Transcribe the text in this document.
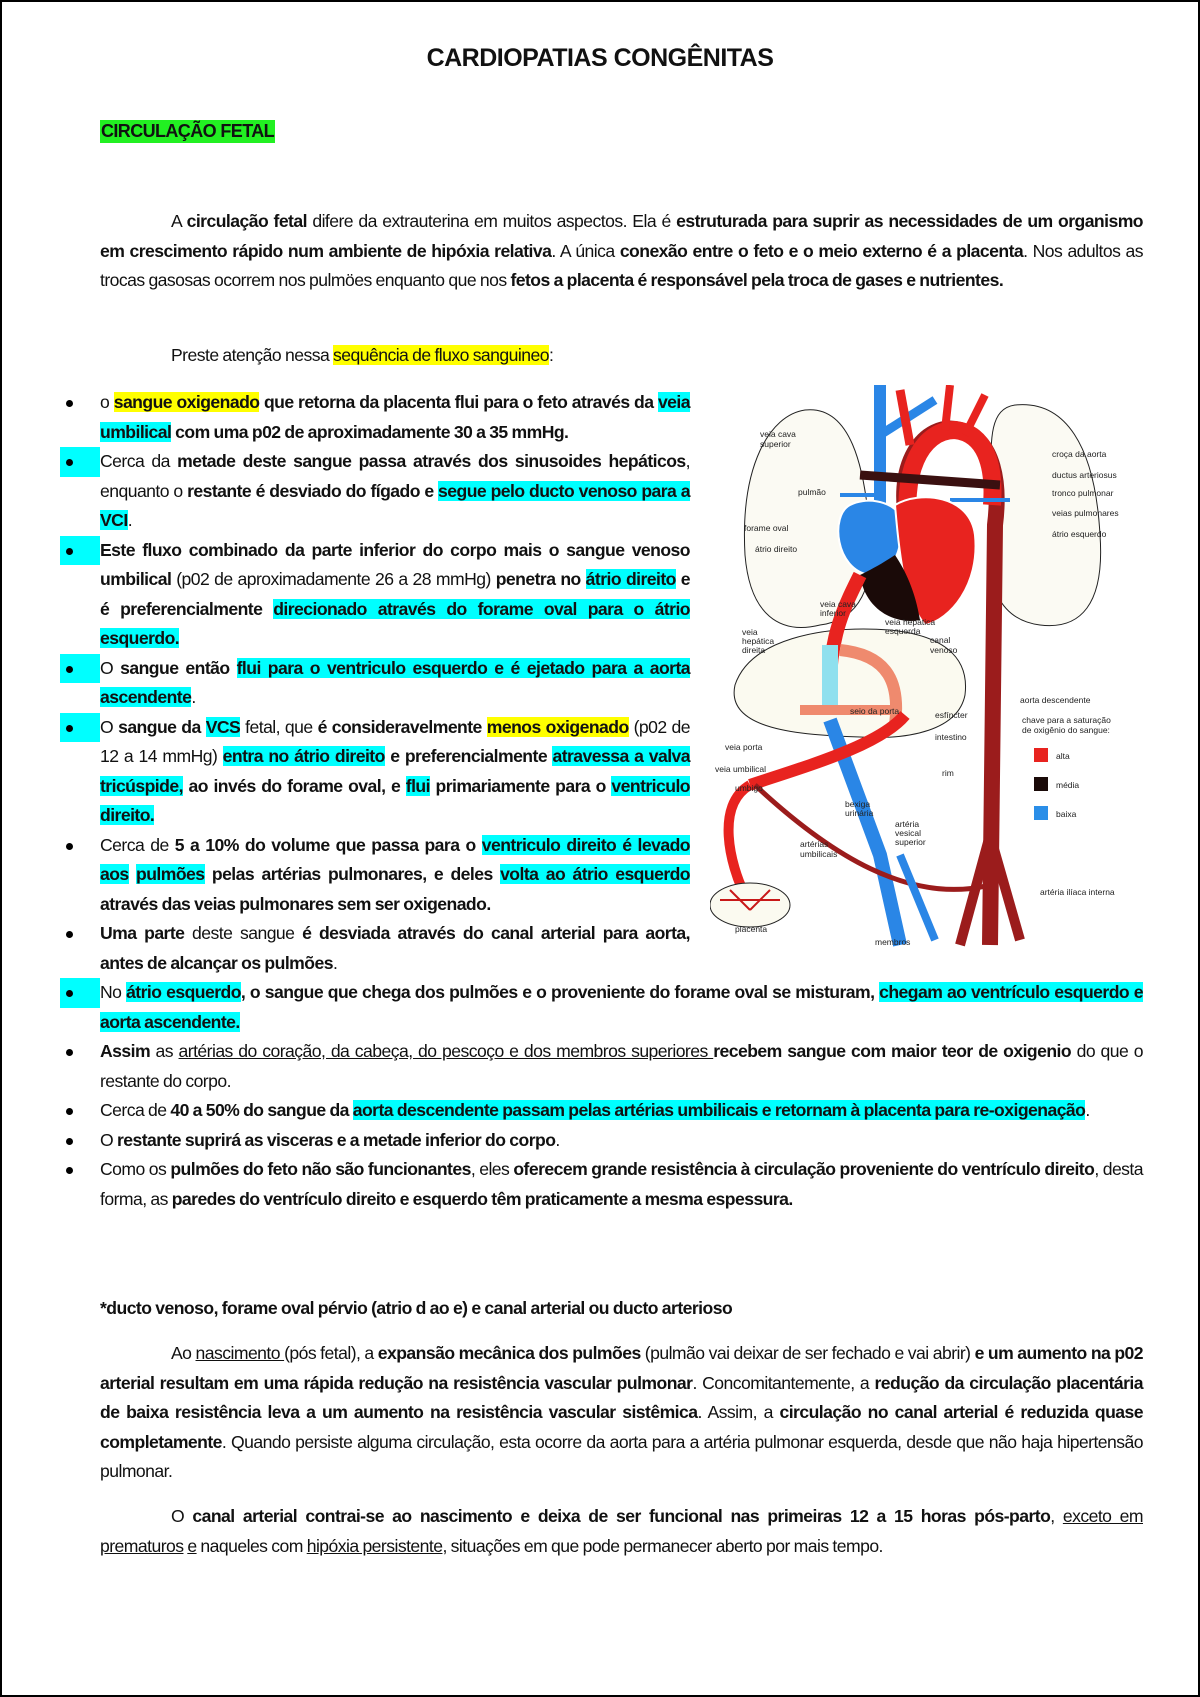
CARDIOPATIAS CONGÊNITAS
CIRCULAÇÃO FETAL
A circulação fetal difere da extrauterina em muitos aspectos. Ela é estruturada para suprir as necessidades de um organismo em crescimento rápido num ambiente de hipóxia relativa. A única conexão entre o feto e o meio externo é a placenta. Nos adultos as trocas gasosas ocorrem nos pulmöes enquanto que nos fetos a placenta é responsável pela troca de gases e nutrientes.
Preste atenção nessa sequência de fluxo sanguineo:
o sangue oxigenado que retorna da placenta flui para o feto através da veia umbilical com uma p02 de aproximadamente 30 a 35 mmHg.
Cerca da metade deste sangue passa através dos sinusoides hepáticos, enquanto o restante é desviado do fígado e segue pelo ducto venoso para a VCI.
Este fluxo combinado da parte inferior do corpo mais o sangue venoso umbilical (p02 de aproximadamente 26 a 28 mmHg) penetra no átrio direito e é preferencialmente direcionado através do forame oval para o átrio esquerdo.
O sangue então flui para o ventriculo esquerdo e é ejetado para a aorta ascendente.
O sangue da VCS fetal, que é consideravelmente menos oxigenado (p02 de 12 a 14 mmHg) entra no átrio direito e preferencialmente atravessa a valva tricúspide, ao invés do forame oval, e flui primariamente para o ventriculo direito.
Cerca de 5 a 10% do volume que passa para o ventriculo direito é levado aos pulmões pelas artérias pulmonares, e deles volta ao átrio esquerdo através das veias pulmonares sem ser oxigenado.
Uma parte deste sangue é desviada através do canal arterial para aorta, antes de alcançar os pulmões.
No átrio esquerdo, o sangue que chega dos pulmões e o proveniente do forame oval se misturam, chegam ao ventrículo esquerdo e aorta ascendente.
Assim as artérias do coração, da cabeça, do pescoço e dos membros superiores recebem sangue com maior teor de oxigenio do que o restante do corpo.
Cerca de 40 a 50% do sangue da aorta descendente passam pelas artérias umbilicais e retornam à placenta para re-oxigenação.
O restante suprirá as visceras e a metade inferior do corpo.
Como os pulmões do feto não são funcionantes, eles oferecem grande resistência à circulação proveniente do ventrículo direito, desta forma, as paredes do ventrículo direito e esquerdo têm praticamente a mesma espessura.
*ducto venoso, forame oval pérvio (atrio d ao e) e canal arterial ou ducto arterioso
Ao nascimento (pós fetal), a expansão mecânica dos pulmões (pulmão vai deixar de ser fechado e vai abrir) e um aumento na p02 arterial resultam em uma rápida redução na resistência vascular pulmonar. Concomitantemente, a redução da circulação placentária de baixa resistência leva a um aumento na resistência vascular sistêmica. Assim, a circulação no canal arterial é reduzida quase completamente. Quando persiste alguma circulação, esta ocorre da aorta para a artéria pulmonar esquerda, desde que não haja hipertensão pulmonar.
O canal arterial contrai-se ao nascimento e deixa de ser funcional nas primeiras 12 a 15 horas pós-parto, exceto em prematuros e naqueles com hipóxia persistente, situações em que pode permanecer aberto por mais tempo.
veia cava
superior
pulmão
forame oval
átrio direito
croça da aorta
ductus arteriosus
tronco pulmonar
veias pulmonares
átrio esquerdo
veia cava
inferior
veia hepática
esquerda
canal
venoso
veia
hepática
direita
aorta descendente
seio da porta	esfíncter
intestino
veia porta
veia umbilical
umbigo
rim
bexiga
urinária
artéria
vesical
superior
artérias
umbilicais
placenta
membros
artéria ilíaca interna
chave para a saturação
de oxigênio do sangue:
alta
média
baixa
